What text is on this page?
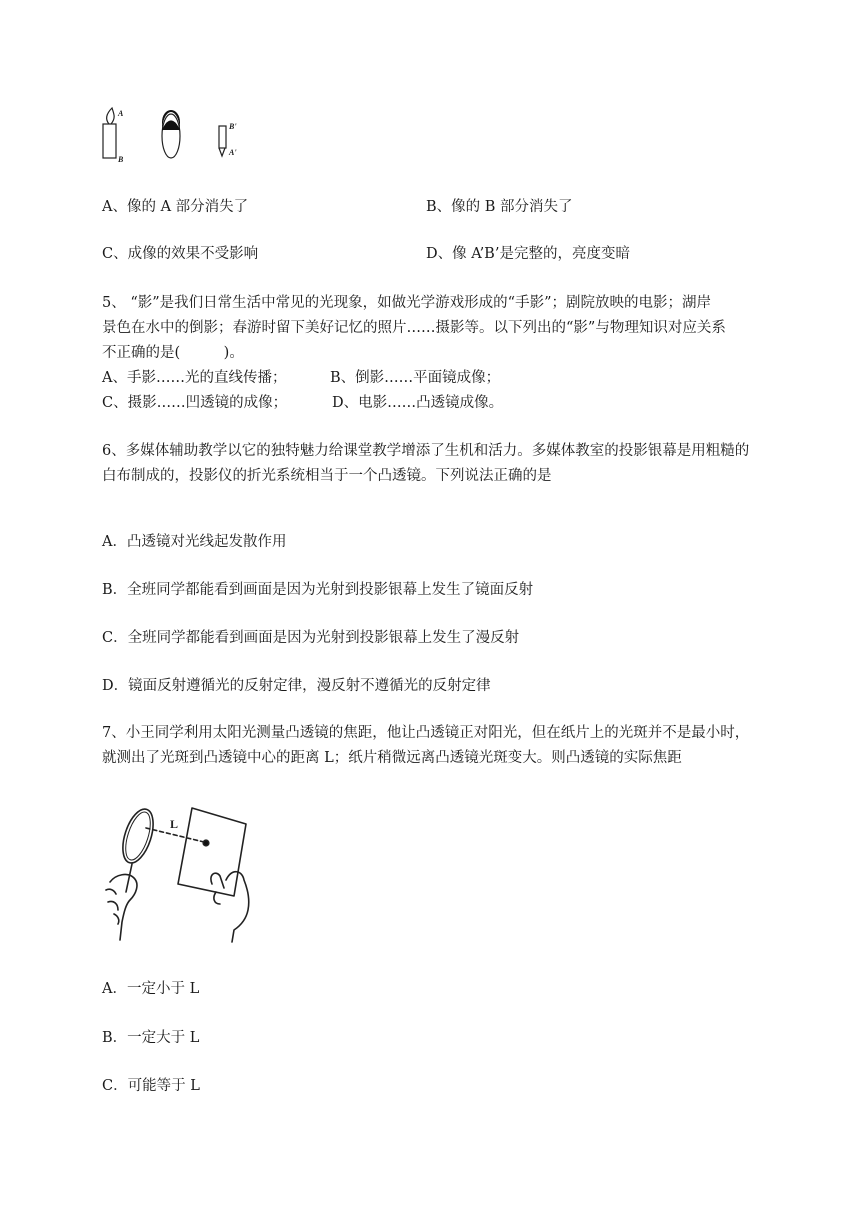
A
B
B'
A'
A、像的 A 部分消失了	B、像的 B 部分消失了
C、成像的效果不受影响	D、像 A’B’是完整的，亮度变暗
5、 “影”是我们日常生活中常见的光现象，如做光学游戏形成的“手影”；剧院放映的电影；湖岸
景色在水中的倒影；春游时留下美好记忆的照片……摄影等。以下列出的“影”与物理知识对应关系
不正确的是(　　　)。
A、手影……光的直线传播；	B、倒影……平面镜成像；
C、摄影……凹透镜的成像；	D、电影……凸透镜成像。
6、多媒体辅助教学以它的独特魅力给课堂教学增添了生机和活力。多媒体教室的投影银幕是用粗糙的
白布制成的，投影仪的折光系统相当于一个凸透镜。下列说法正确的是
A．凸透镜对光线起发散作用
B．全班同学都能看到画面是因为光射到投影银幕上发生了镜面反射
C．全班同学都能看到画面是因为光射到投影银幕上发生了漫反射
D．镜面反射遵循光的反射定律，漫反射不遵循光的反射定律
7、小王同学利用太阳光测量凸透镜的焦距，他让凸透镜正对阳光，但在纸片上的光斑并不是最小时，
就测出了光斑到凸透镜中心的距离 L；纸片稍微远离凸透镜光斑变大。则凸透镜的实际焦距
L
A．一定小于 L
B．一定大于 L
C．可能等于 L
